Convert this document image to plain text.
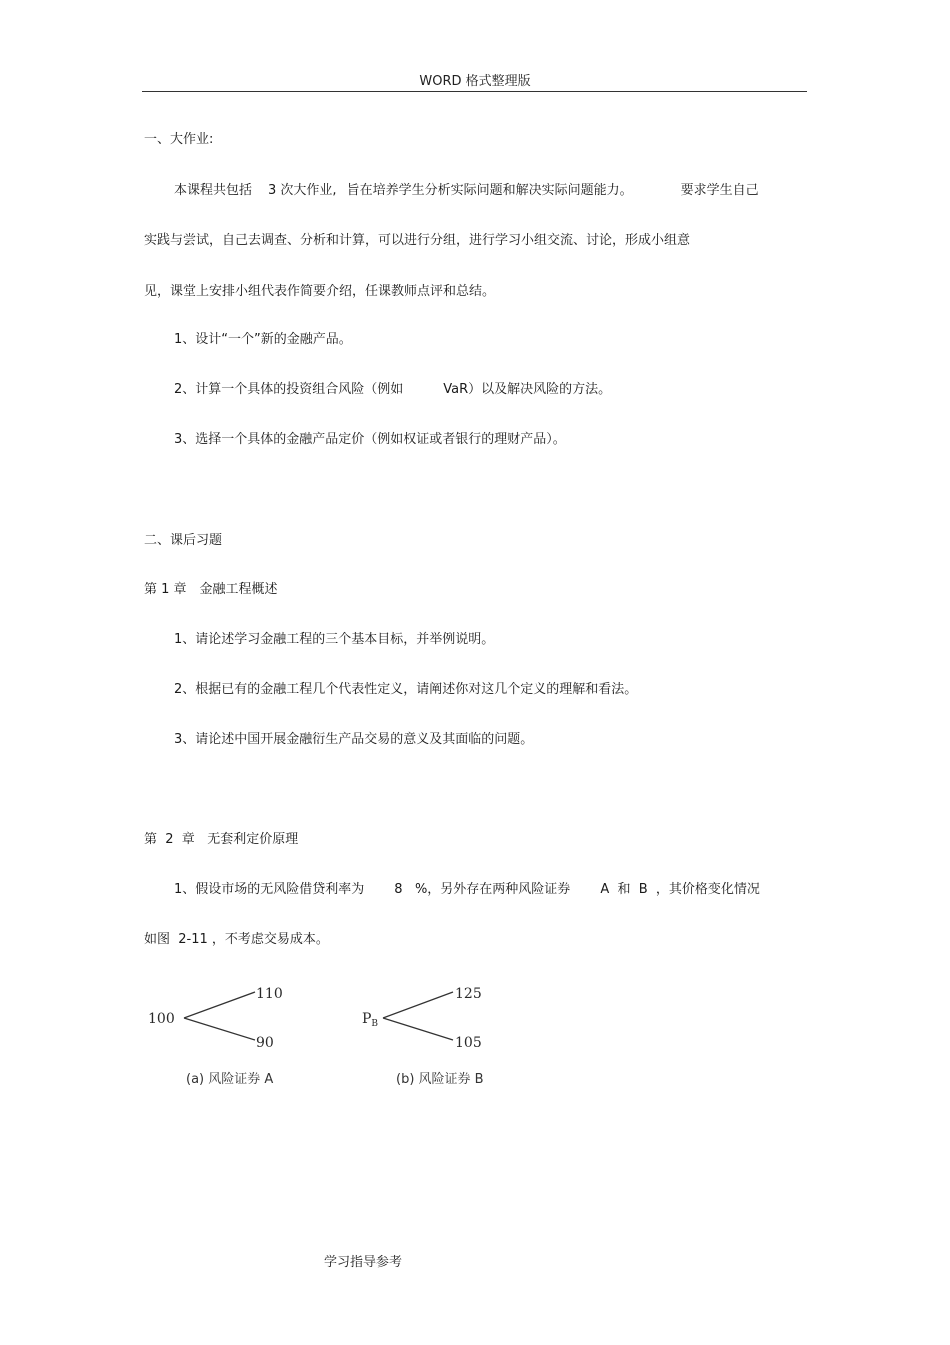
WORD 格式整理版
一、大作业:
本课程共包括 3 次大作业, 旨在培养学生分析实际问题和解决实际问题能力。	要求学生自己
实践与尝试，自己去调查、分析和计算，可以进行分组，进行学习小组交流、讨论，形成小组意
见，课堂上安排小组代表作简要介绍，任课教师点评和总结。
1、设计“一个”新的金融产品。
2、计算一个具体的投资组合风险（例如	VaR）以及解决风险的方法。
3、选择一个具体的金融产品定价（例如权证或者银行的理财产品）。
二、课后习题
第 1 章　金融工程概述
1、请论述学习金融工程的三个基本目标，并举例说明。
2、根据已有的金融工程几个代表性定义，请阐述你对这几个定义的理解和看法。
3、请论述中国开展金融衍生产品交易的意义及其面临的问题。
第  2  章   无套利定价原理
1、假设市场的无风险借贷利率为 8   %，另外存在两种风险证券 A  和  B  ，其价格变化情况
如图  2-11 ，不考虑交易成本。
100
110
90
(a) 风险证券 A
$P_B$
125
105
(b) 风险证券 B
学习指导参考
